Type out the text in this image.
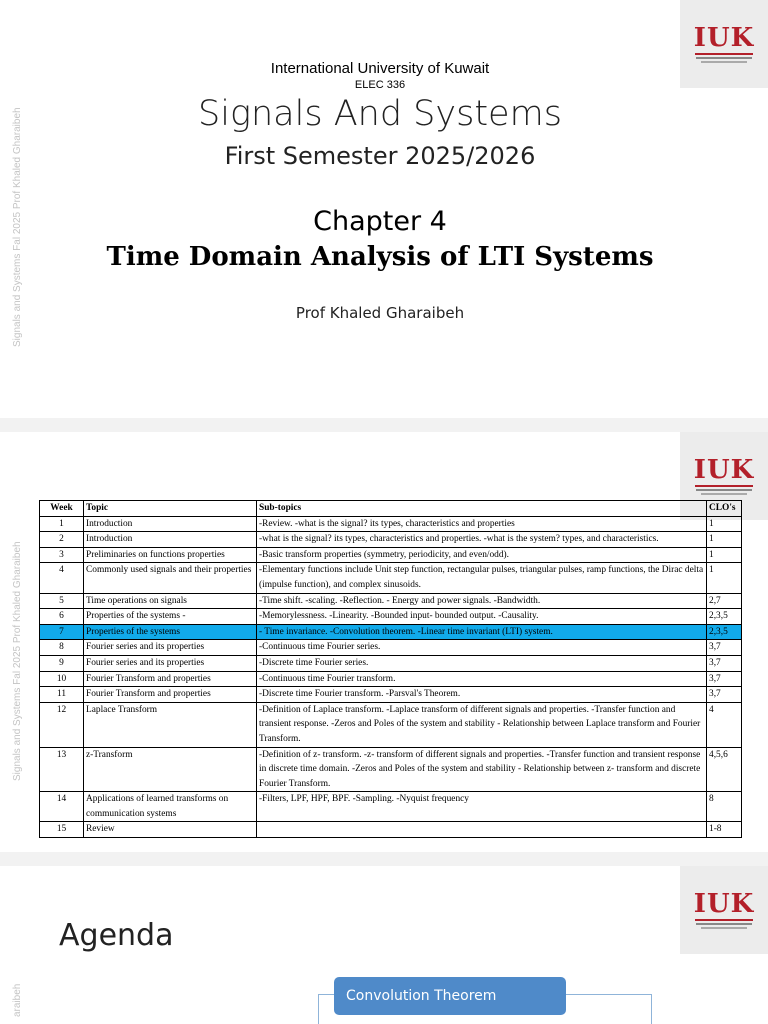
IUK
Signals and Systems Fal 2025 Prof Khaled Gharaibeh
International University of Kuwait
ELEC 336
Signals And Systems
First Semester 2025/2026
Chapter 4
Time Domain Analysis of LTI Systems
Prof Khaled Gharaibeh
IUK
Signals and Systems Fal 2025 Prof Khaled Gharaibeh
Week	Topic	Sub-topics	CLO's
1	Introduction	-Review. -what is the signal? its types, characteristics and properties	1
2	Introduction	-what is the signal? its types, characteristics and properties. -what is the system? types, and characteristics.	1
3	Preliminaries on functions properties	-Basic transform properties (symmetry, periodicity, and even/odd).	1
4	Commonly used signals and their properties	-Elementary functions include Unit step function, rectangular pulses, triangular pulses, ramp functions, the Dirac delta (impulse function), and complex sinusoids.	1
5	Time operations on signals	-Time shift. -scaling. -Reflection. - Energy and power signals. -Bandwidth.	2,7
6	Properties of the systems -	-Memorylessness. -Linearity. -Bounded input- bounded output. -Causality.	2,3,5
7	Properties of the systems	- Time invariance. -Convolution theorem. -Linear time invariant (LTI) system.	2,3,5
8	Fourier series and its properties	-Continuous time Fourier series.	3,7
9	Fourier series and its properties	-Discrete time Fourier series.	3,7
10	Fourier Transform and properties	-Continuous time Fourier transform.	3,7
11	Fourier Transform and properties	-Discrete time Fourier transform. -Parsval's Theorem.	3,7
12	Laplace Transform	-Definition of Laplace transform. -Laplace transform of different signals and properties. -Transfer function and transient response. -Zeros and Poles of the system and stability - Relationship between Laplace transform and Fourier Transform.	4
13	z-Transform	-Definition of z- transform. -z- transform of different signals and properties. -Transfer function and transient response in discrete time domain. -Zeros and Poles of the system and stability - Relationship between z- transform and discrete Fourier Transform.	4,5,6
14	Applications of learned transforms on communication systems	-Filters, LPF, HPF, BPF. -Sampling. -Nyquist frequency	8
15	Review		1-8
IUK
araibeh
Agenda
Convolution Theorem
